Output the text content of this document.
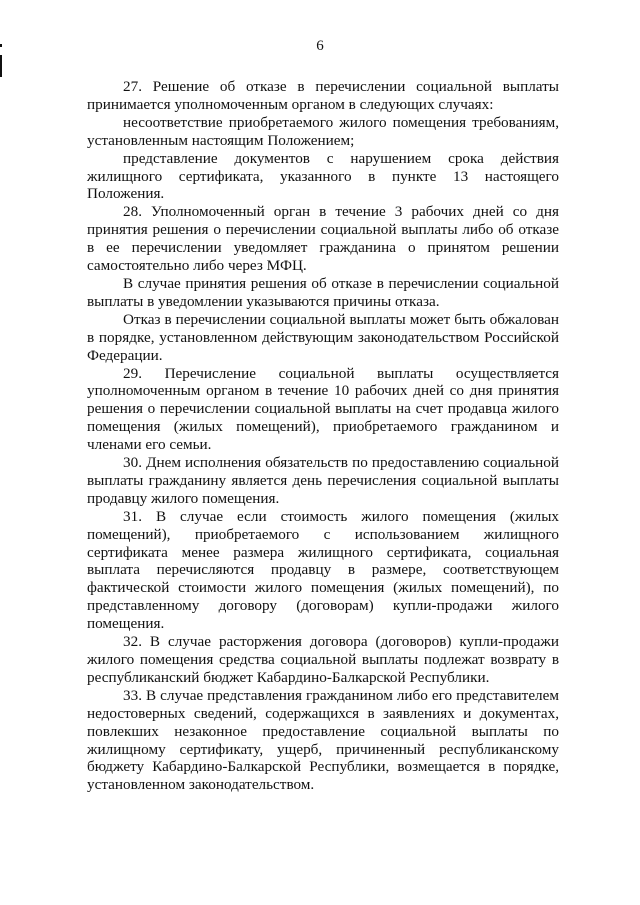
6

27. Решение об отказе в перечислении социальной выплаты принимается уполномоченным органом в следующих случаях:

несоответствие приобретаемого жилого помещения требованиям, установленным настоящим Положением;

представление документов с нарушением срока действия жилищного сертификата, указанного в пункте 13 настоящего Положения.

28. Уполномоченный орган в течение 3 рабочих дней со дня принятия решения о перечислении социальной выплаты либо об отказе в ее перечислении уведомляет гражданина о принятом решении самостоятельно либо через МФЦ.

В случае принятия решения об отказе в перечислении социальной выплаты в уведомлении указываются причины отказа.

Отказ в перечислении социальной выплаты может быть обжалован в порядке, установленном действующим законодательством Российской Федерации.

29. Перечисление социальной выплаты осуществляется уполномоченным органом в течение 10 рабочих дней со дня принятия решения о перечислении социальной выплаты на счет продавца жилого помещения (жилых помещений), приобретаемого гражданином и членами его семьи.

30. Днем исполнения обязательств по предоставлению социальной выплаты гражданину является день перечисления социальной выплаты продавцу жилого помещения.

31. В случае если стоимость жилого помещения (жилых помещений), приобретаемого с использованием жилищного сертификата менее размера жилищного сертификата, социальная выплата перечисляются продавцу в размере, соответствующем фактической стоимости жилого помещения (жилых помещений), по представленному договору (договорам) купли-продажи жилого помещения.

32. В случае расторжения договора (договоров) купли-продажи жилого помещения средства социальной выплаты подлежат возврату в республиканский бюджет Кабардино-Балкарской Республики.

33. В случае представления гражданином либо его представителем недостоверных сведений, содержащихся в заявлениях и документах, повлекших незаконное предоставление социальной выплаты по жилищному сертификату, ущерб, причиненный республиканскому бюджету Кабардино-Балкарской Республики, возмещается в порядке, установленном законодательством.
